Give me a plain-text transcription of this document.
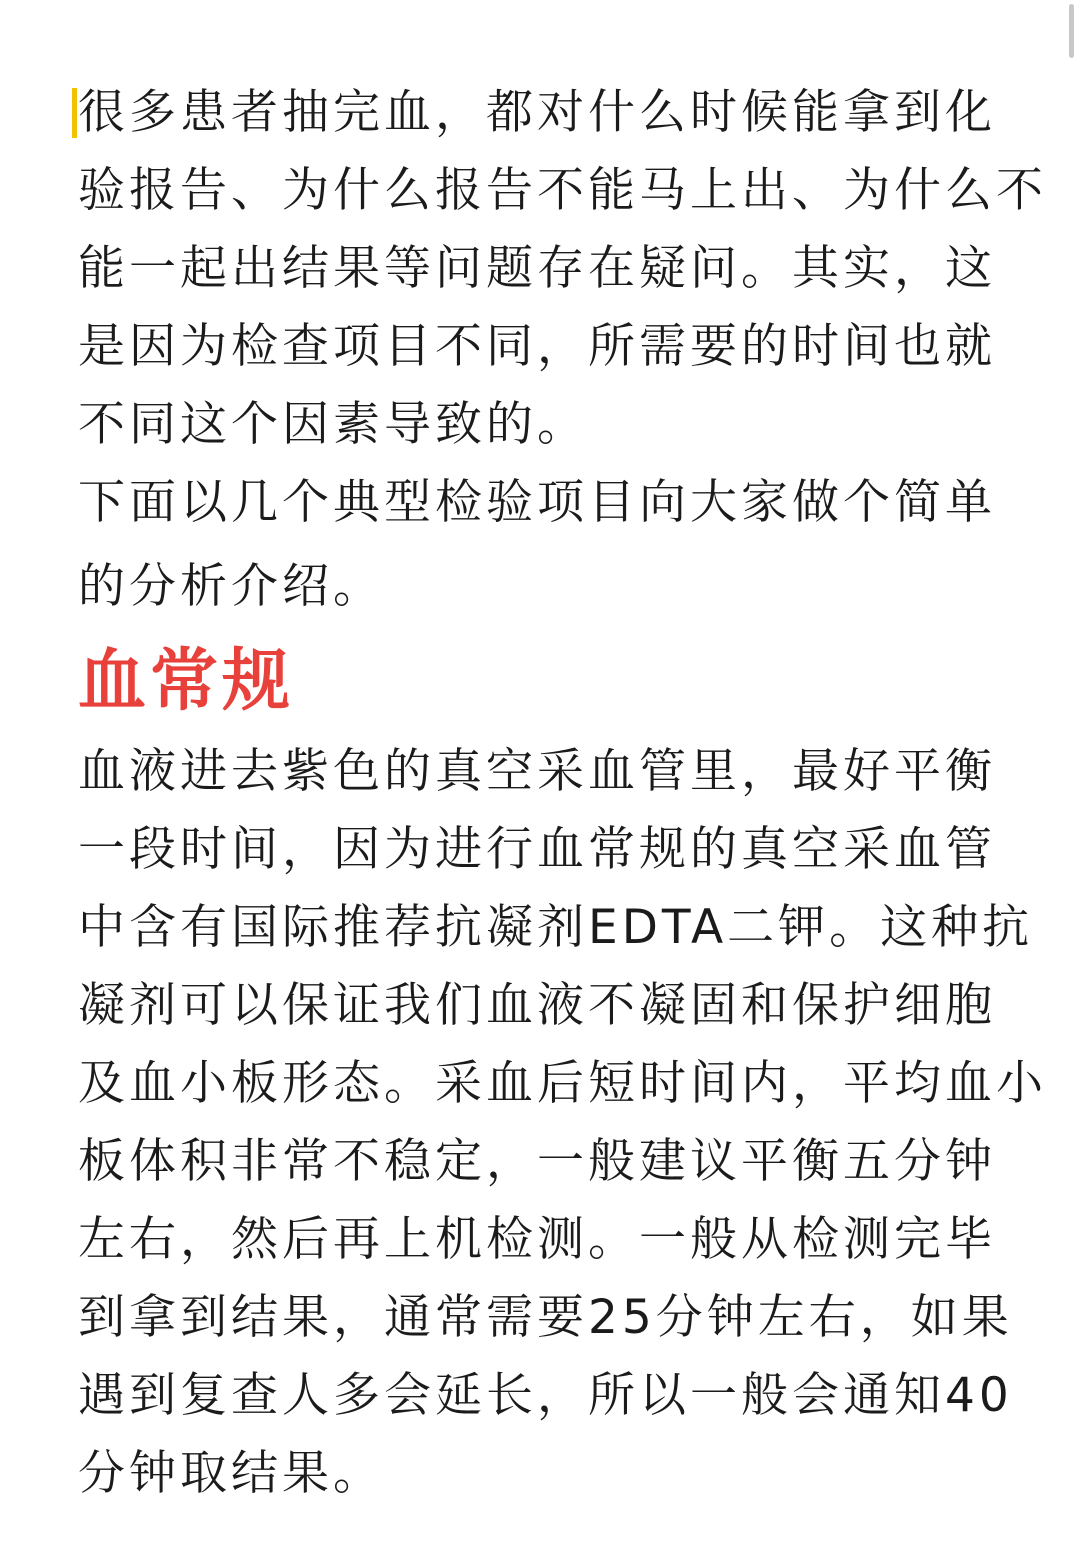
很多患者抽完血，都对什么时候能拿到化
验报告、为什么报告不能马上出、为什么不
能一起出结果等问题存在疑问。其实，这
是因为检查项目不同，所需要的时间也就
不同这个因素导致的。
下面以几个典型检验项目向大家做个简单
的分析介绍。
血常规
血液进去紫色的真空采血管里，最好平衡
一段时间，因为进行血常规的真空采血管
中含有国际推荐抗凝剂EDTA二钾。这种抗
凝剂可以保证我们血液不凝固和保护细胞
及血小板形态。采血后短时间内，平均血小
板体积非常不稳定，一般建议平衡五分钟
左右，然后再上机检测。一般从检测完毕
到拿到结果，通常需要25分钟左右，如果
遇到复查人多会延长，所以一般会通知40
分钟取结果。
